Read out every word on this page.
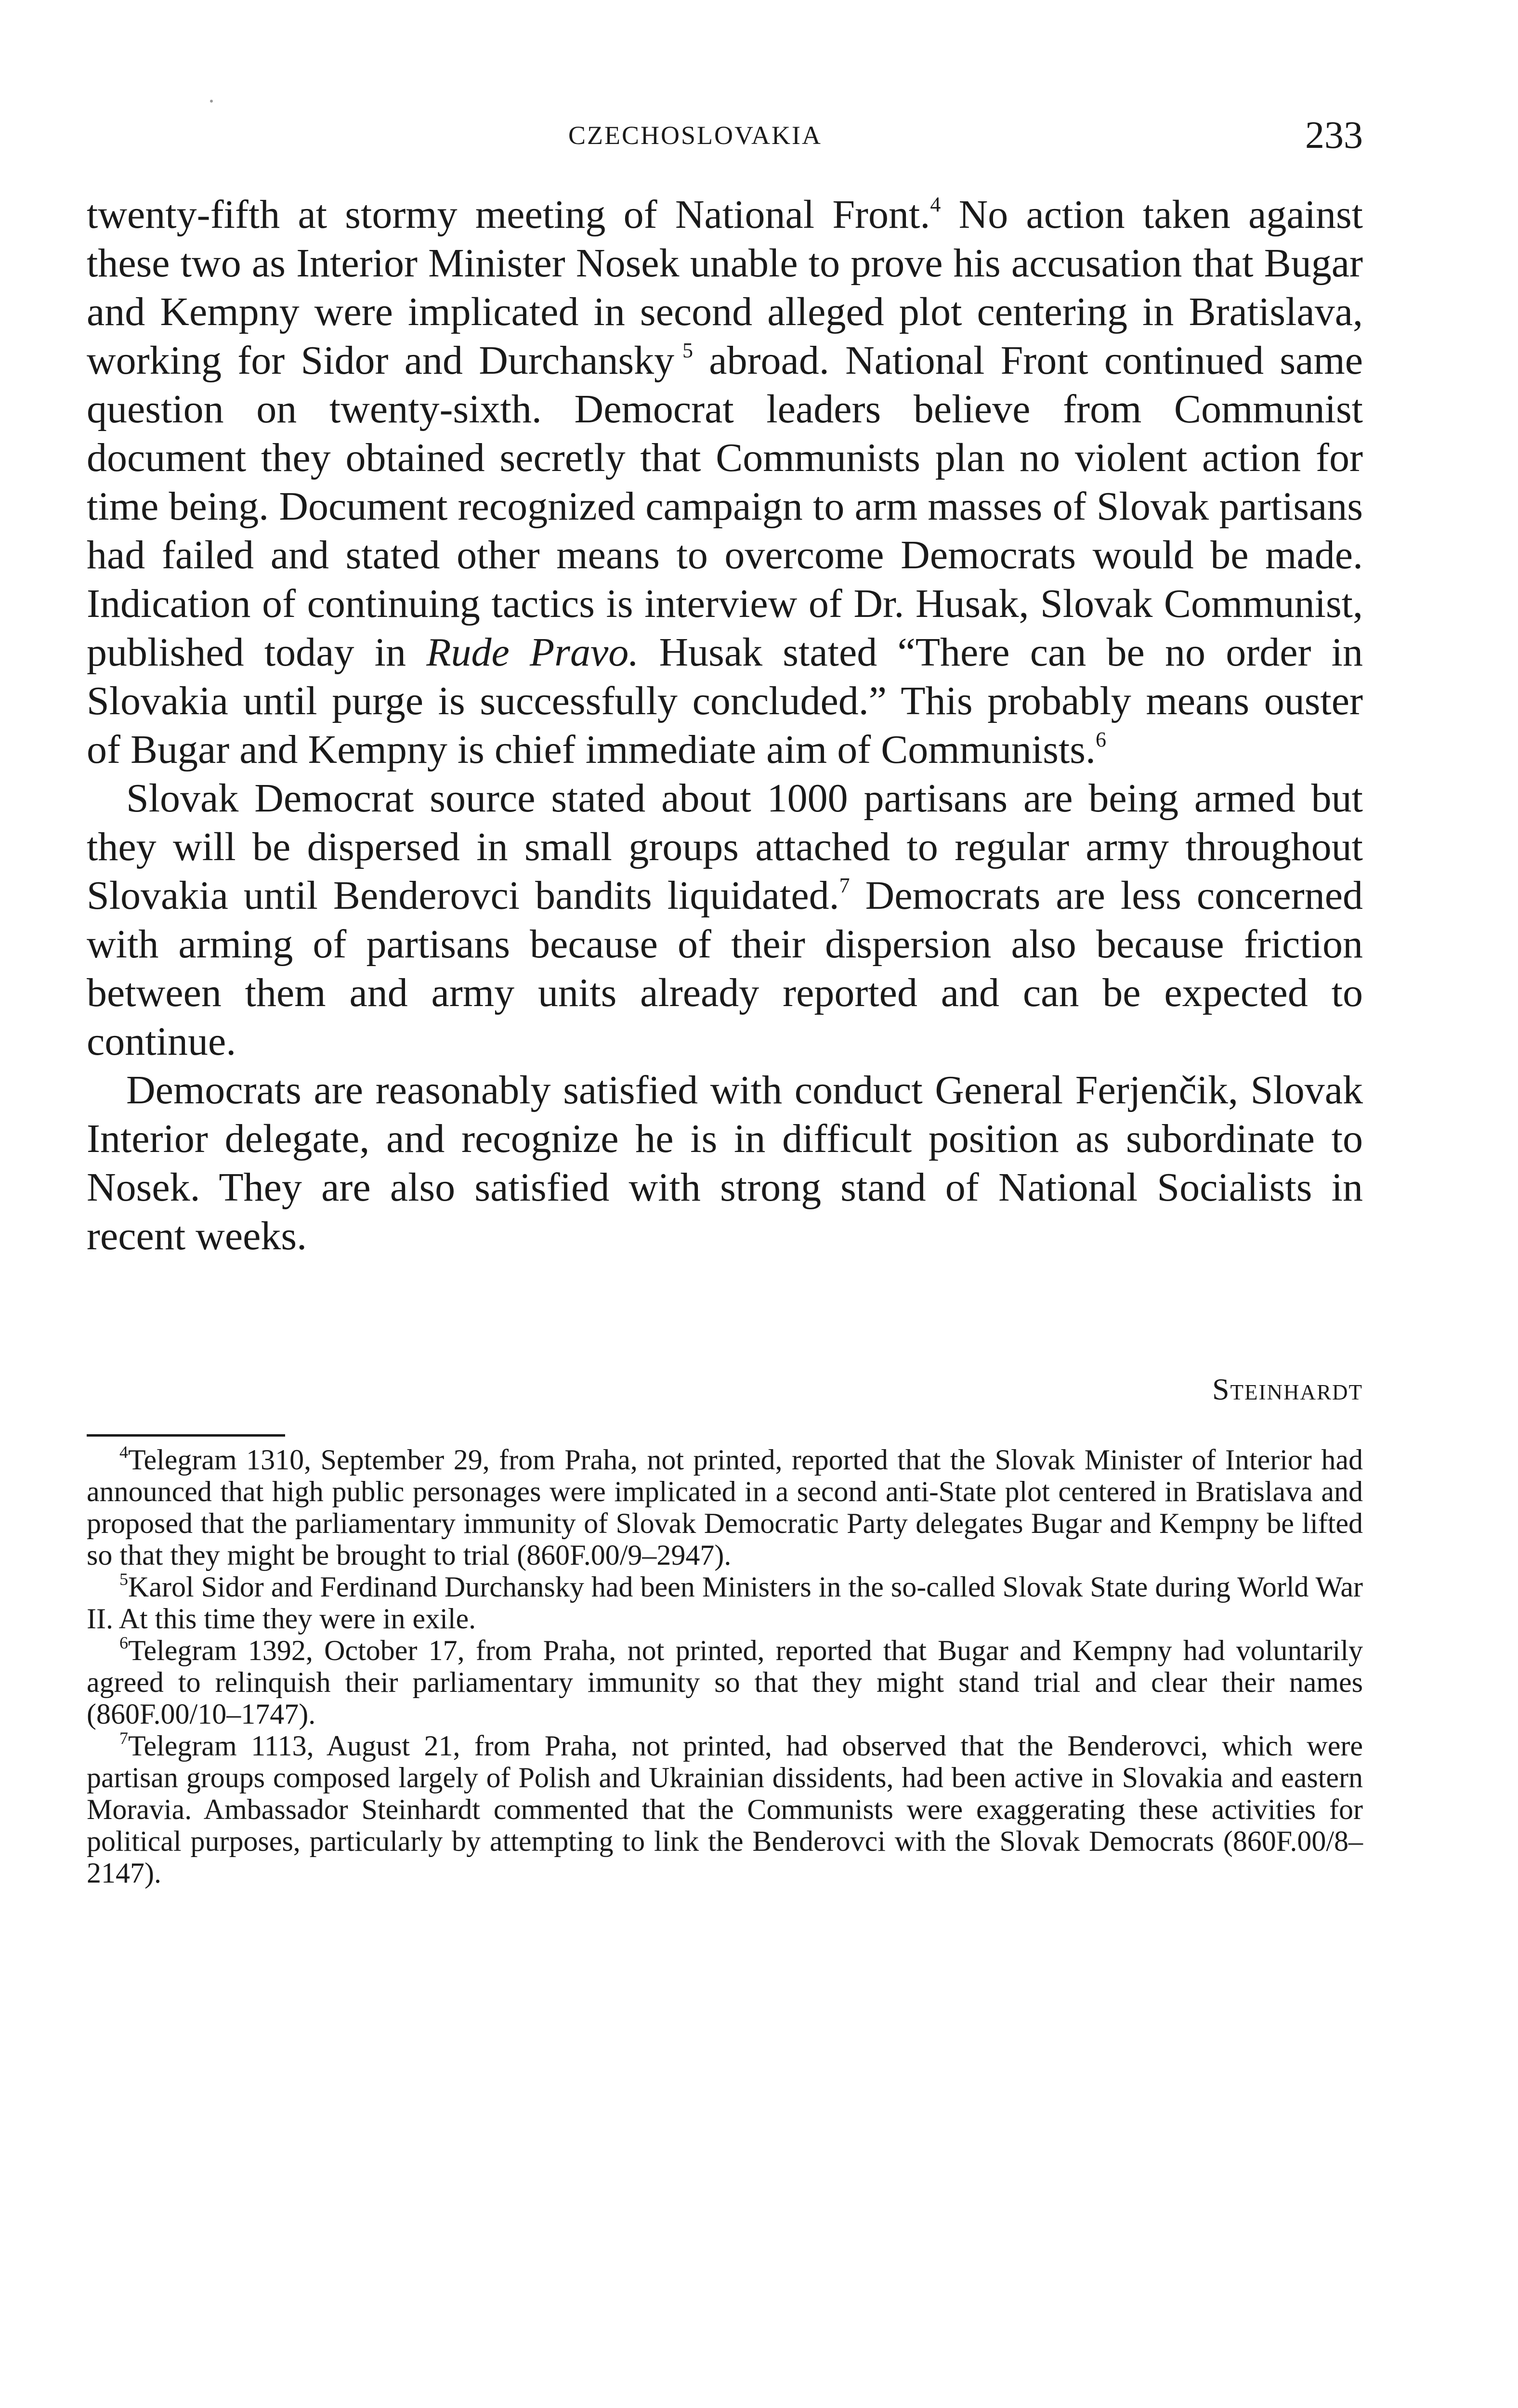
CZECHOSLOVAKIA	233

twenty-fifth at stormy meeting of National Front.$^4$ No action taken against these two as Interior Minister Nosek unable to prove his accusation that Bugar and Kempny were implicated in second alleged plot centering in Bratislava, working for Sidor and Durchansky  $^5$ abroad. National Front continued same question on twenty-sixth. Democrat leaders believe from Communist document they obtained secretly that Communists plan no violent action for time being. Document recognized campaign to arm masses of Slovak partisans had failed and stated other means to overcome Democrats would be made. Indication of continuing tactics is interview of Dr. Husak, Slovak Communist, published today in Rude Pravo. Husak stated “There can be no order in Slovakia until purge is successfully concluded.” This probably means ouster of Bugar and Kempny is chief immediate aim of Communists.$^6$

Slovak Democrat source stated about 1000 partisans are being armed but they will be dispersed in small groups attached to regular army throughout Slovakia until Benderovci bandits liquidated.$^7$ Democrats are less concerned with arming of partisans because of their dispersion also because friction between them and army units already reported and can be expected to continue.

Democrats are reasonably satisfied with conduct General Ferjenčik, Slovak Interior delegate, and recognize he is in difficult position as subordinate to Nosek. They are also satisfied with strong stand of National Socialists in recent weeks.

Steinhardt

$^4$Telegram 1310, September 29, from Praha, not printed, reported that the Slovak Minister of Interior had announced that high public personages were implicated in a second anti-State plot centered in Bratislava and proposed that the parliamentary immunity of Slovak Democratic Party delegates Bugar and Kempny be lifted so that they might be brought to trial (860F.00/9–2947).

$^5$Karol Sidor and Ferdinand Durchansky had been Ministers in the so-called Slovak State during World War II. At this time they were in exile.

$^6$Telegram 1392, October 17, from Praha, not printed, reported that Bugar and Kempny had voluntarily agreed to relinquish their parliamentary immunity so that they might stand trial and clear their names (860F.00/10–1747).

$^7$Telegram 1113, August 21, from Praha, not printed, had observed that the Benderovci, which were partisan groups composed largely of Polish and Ukrainian dissidents, had been active in Slovakia and eastern Moravia. Ambassador Steinhardt commented that the Communists were exaggerating these activities for political purposes, particularly by attempting to link the Benderovci with the Slovak Democrats (860F.00/8–2147).
